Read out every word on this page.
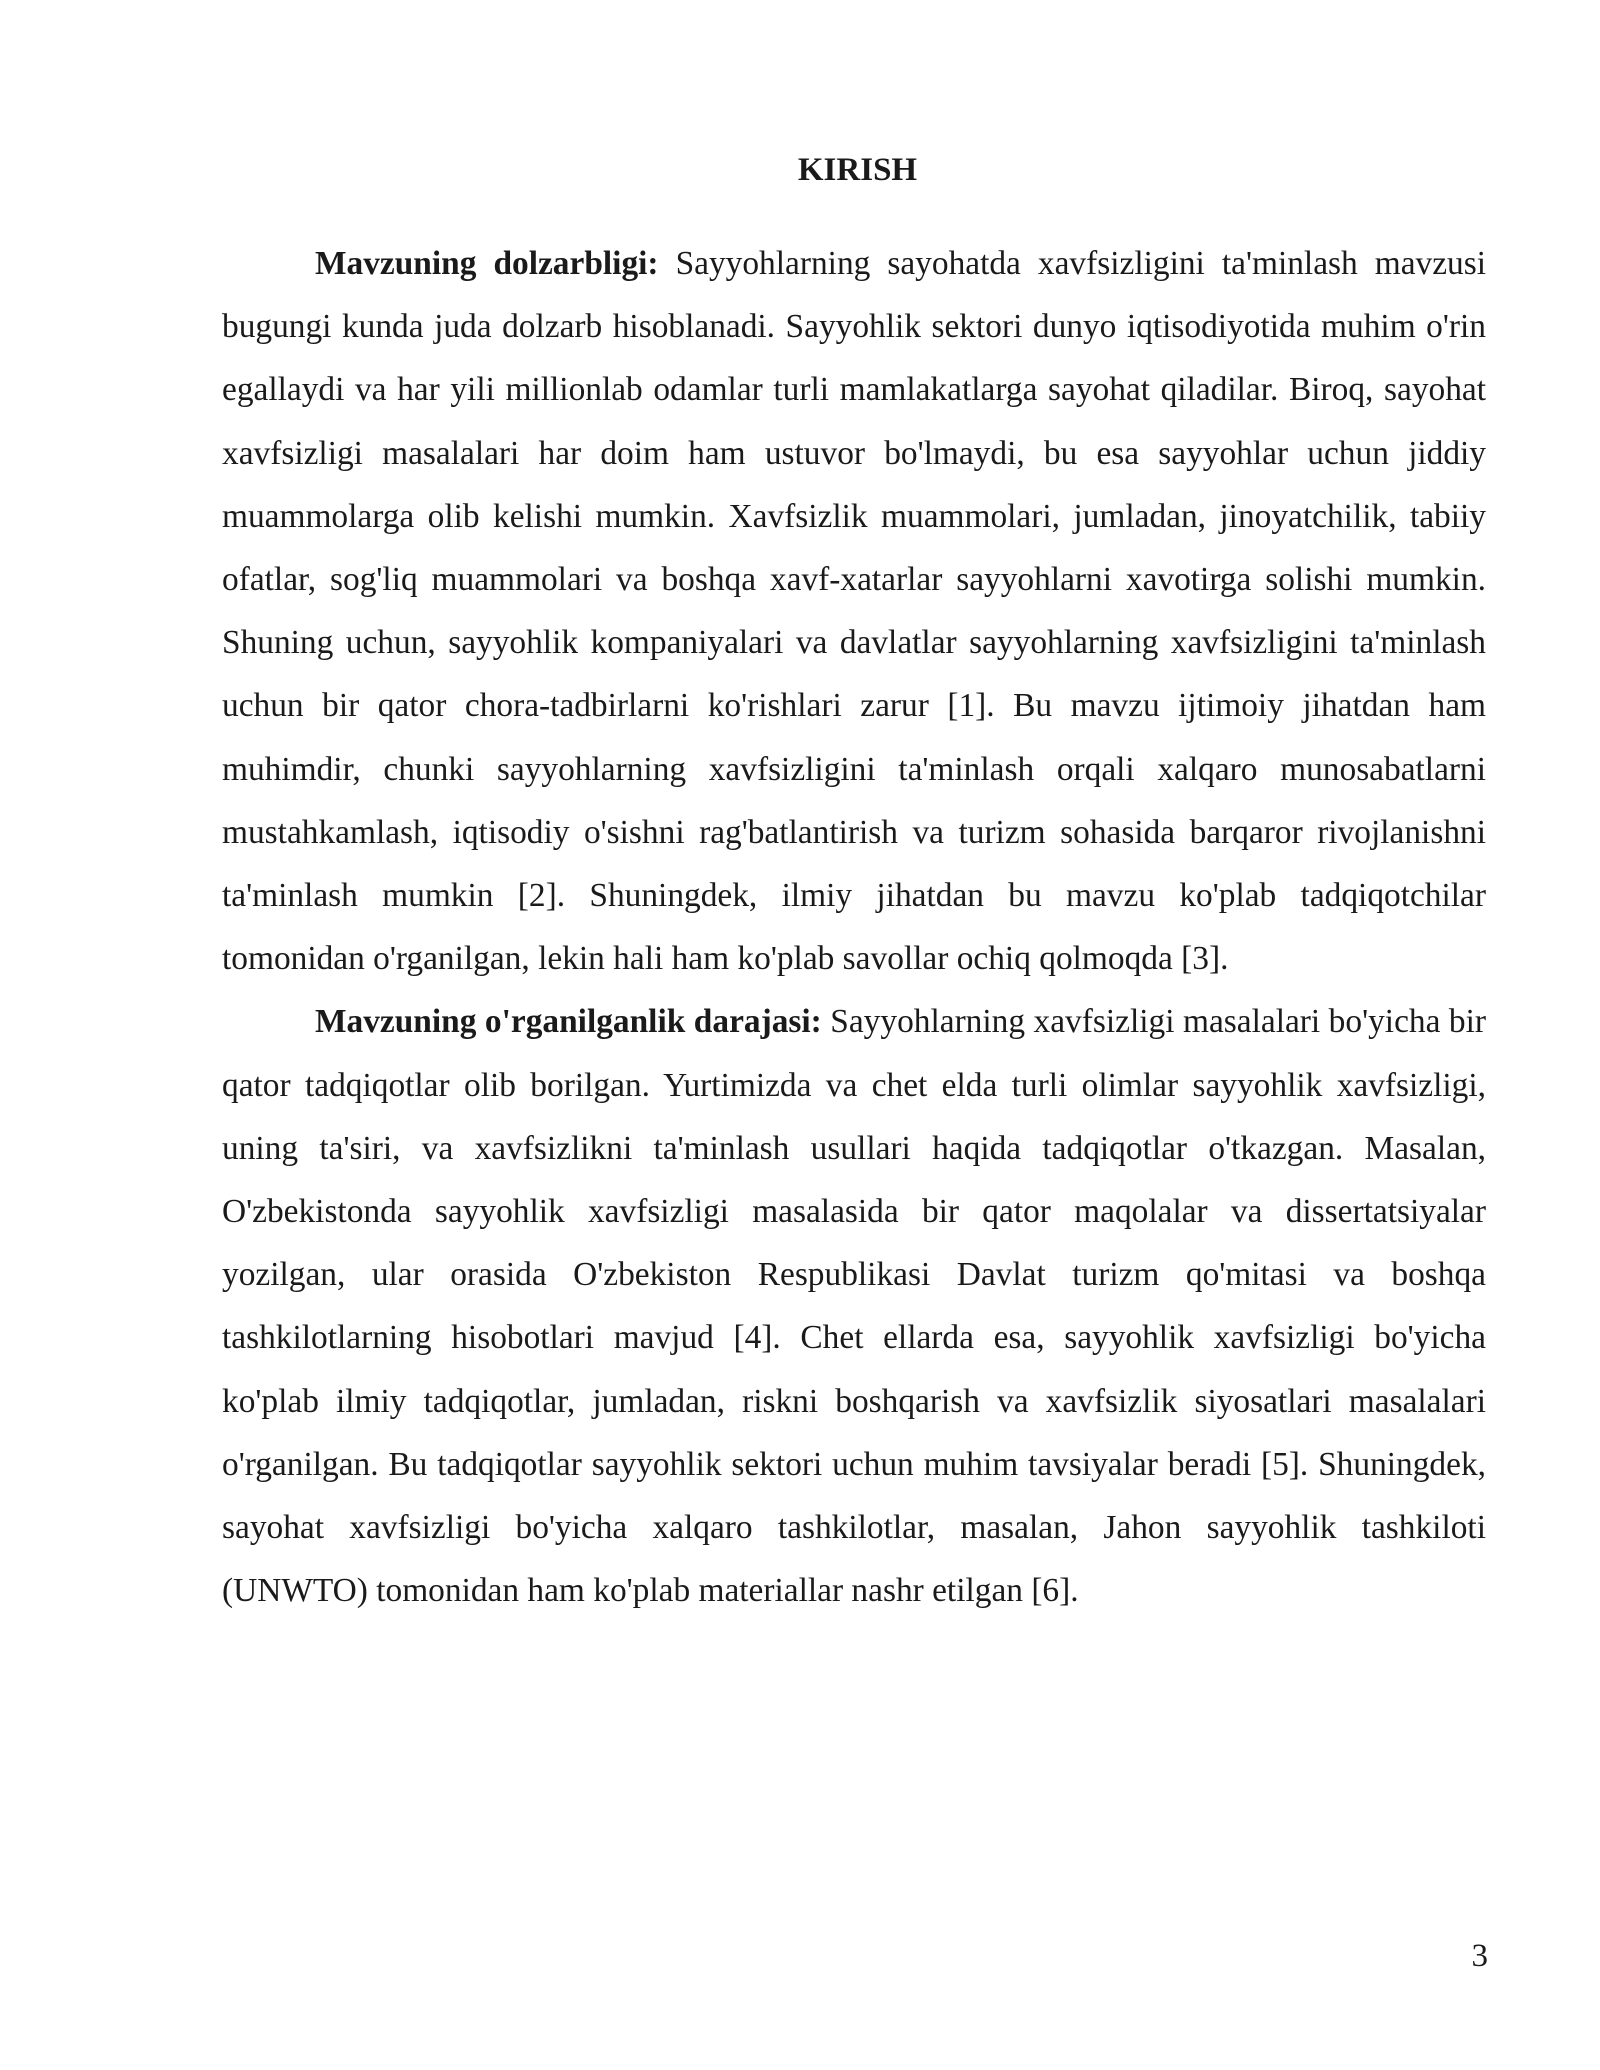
KIRISH

Mavzuning dolzarbligi: Sayyohlarning sayohatda xavfsizligini ta'minlash mavzusi bugungi kunda juda dolzarb hisoblanadi. Sayyohlik sektori dunyo iqtisodiyotida muhim o'rin egallaydi va har yili millionlab odamlar turli mamlakatlarga sayohat qiladilar. Biroq, sayohat xavfsizligi masalalari har doim ham ustuvor bo'lmaydi, bu esa sayyohlar uchun jiddiy muammolarga olib kelishi mumkin. Xavfsizlik muammolari, jumladan, jinoyatchilik, tabiiy ofatlar, sog'liq muammolari va boshqa xavf-xatarlar sayyohlarni xavotirga solishi mumkin. Shuning uchun, sayyohlik kompaniyalari va davlatlar sayyohlarning xavfsizligini ta'minlash uchun bir qator chora-tadbirlarni ko'rishlari zarur [1]. Bu mavzu ijtimoiy jihatdan ham muhimdir, chunki sayyohlarning xavfsizligini ta'minlash orqali xalqaro munosabatlarni mustahkamlash, iqtisodiy o'sishni rag'batlantirish va turizm sohasida barqaror rivojlanishni ta'minlash mumkin [2]. Shuningdek, ilmiy jihatdan bu mavzu ko'plab tadqiqotchilar tomonidan o'rganilgan, lekin hali ham ko'plab savollar ochiq qolmoqda [3].

Mavzuning o'rganilganlik darajasi: Sayyohlarning xavfsizligi masalalari bo'yicha bir qator tadqiqotlar olib borilgan. Yurtimizda va chet elda turli olimlar sayyohlik xavfsizligi, uning ta'siri, va xavfsizlikni ta'minlash usullari haqida tadqiqotlar o'tkazgan. Masalan, O'zbekistonda sayyohlik xavfsizligi masalasida bir qator maqolalar va dissertatsiyalar yozilgan, ular orasida O'zbekiston Respublikasi Davlat turizm qo'mitasi va boshqa tashkilotlarning hisobotlari mavjud [4]. Chet ellarda esa, sayyohlik xavfsizligi bo'yicha ko'plab ilmiy tadqiqotlar, jumladan, riskni boshqarish va xavfsizlik siyosatlari masalalari o'rganilgan. Bu tadqiqotlar sayyohlik sektori uchun muhim tavsiyalar beradi [5]. Shuningdek, sayohat xavfsizligi bo'yicha xalqaro tashkilotlar, masalan, Jahon sayyohlik tashkiloti (UNWTO) tomonidan ham ko'plab materiallar nashr etilgan [6].

3
